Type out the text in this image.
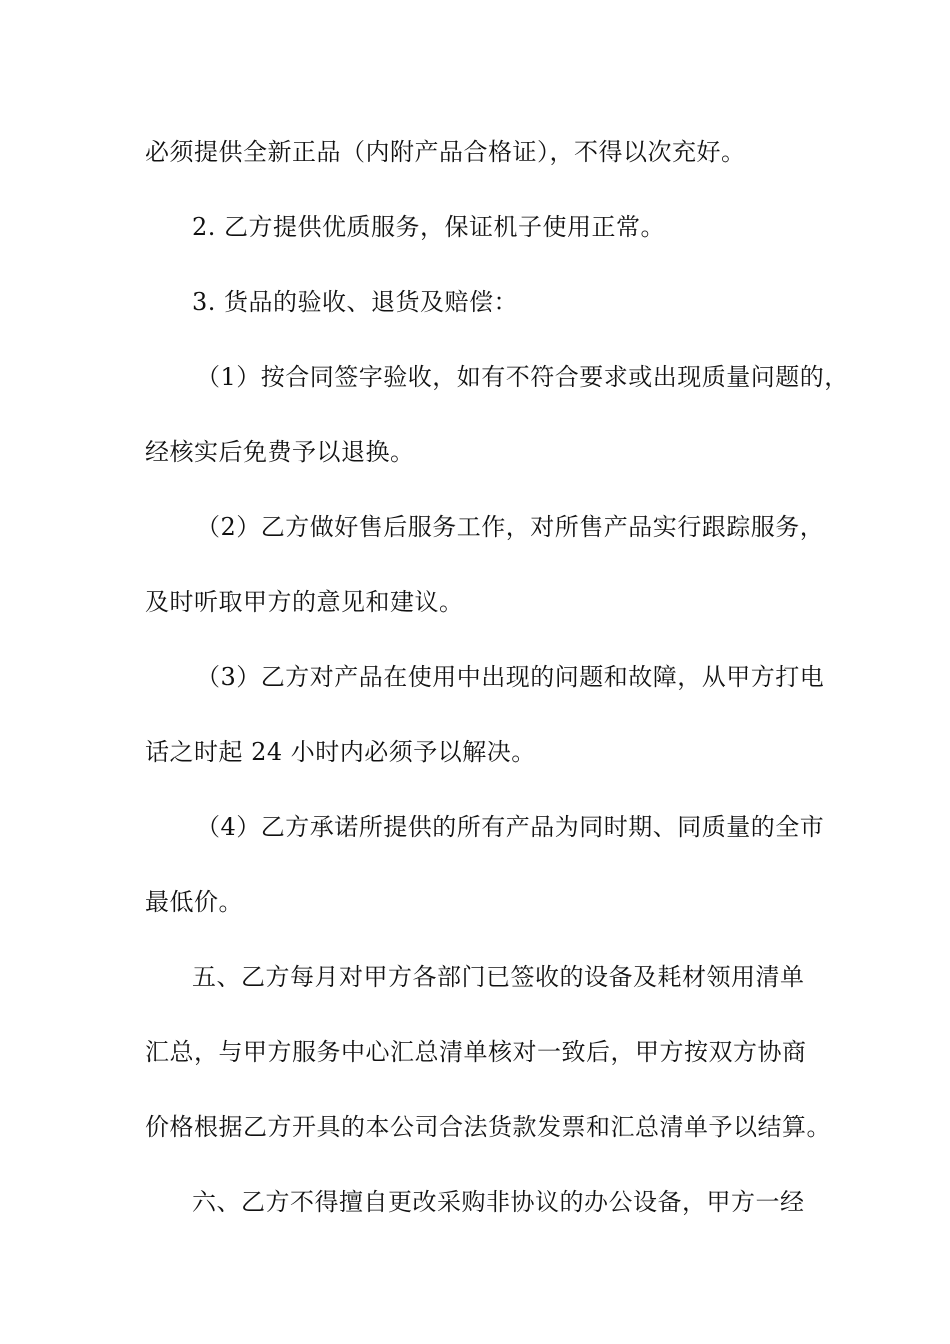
必须提供全新正品（内附产品合格证），不得以次充好。
2. 乙方提供优质服务，保证机子使用正常。
3. 货品的验收、退货及赔偿：
（1）按合同签字验收，如有不符合要求或出现质量问题的，
经核实后免费予以退换。
（2）乙方做好售后服务工作，对所售产品实行跟踪服务，
及时听取甲方的意见和建议。
（3）乙方对产品在使用中出现的问题和故障，从甲方打电
话之时起 24 小时内必须予以解决。
（4）乙方承诺所提供的所有产品为同时期、同质量的全市
最低价。
五、乙方每月对甲方各部门已签收的设备及耗材领用清单
汇总，与甲方服务中心汇总清单核对一致后，甲方按双方协商
价格根据乙方开具的本公司合法货款发票和汇总清单予以结算。
六、乙方不得擅自更改采购非协议的办公设备，甲方一经
